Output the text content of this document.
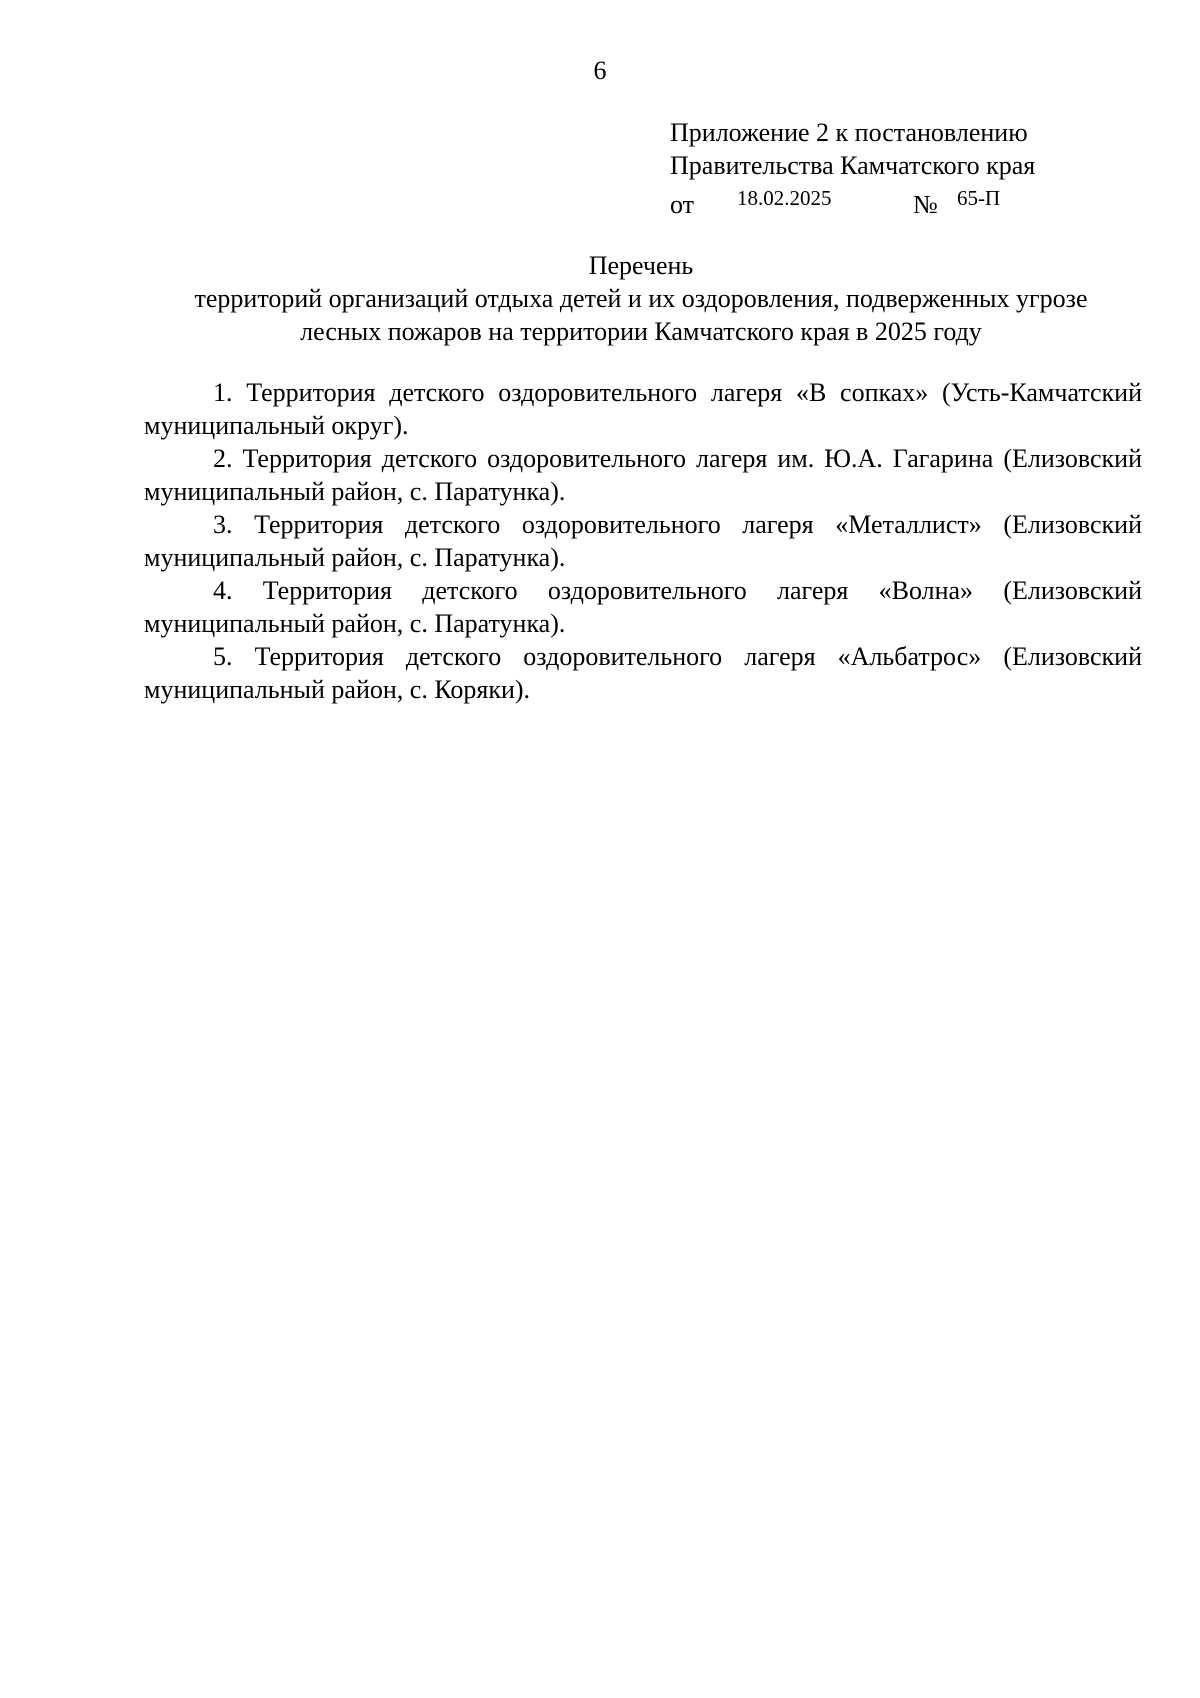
6
Приложение 2 к постановлению
Правительства Камчатского края
от 18.02.2025	№ 65-П
Перечень
территорий организаций отдыха детей и их оздоровления, подверженных угрозе
лесных пожаров на территории Камчатского края в 2025 году

1. Территория детского оздоровительного лагеря «В сопках» (Усть-Камчатский муниципальный округ).

2. Территория детского оздоровительного лагеря им. Ю.А. Гагарина (Елизовский муниципальный район, с. Паратунка).

3. Территория детского оздоровительного лагеря «Металлист» (Елизовский муниципальный район, с. Паратунка).

4. Территория детского оздоровительного лагеря «Волна» (Елизовский муниципальный район, с. Паратунка).

5. Территория детского оздоровительного лагеря «Альбатрос» (Елизовский муниципальный район, с. Коряки).
